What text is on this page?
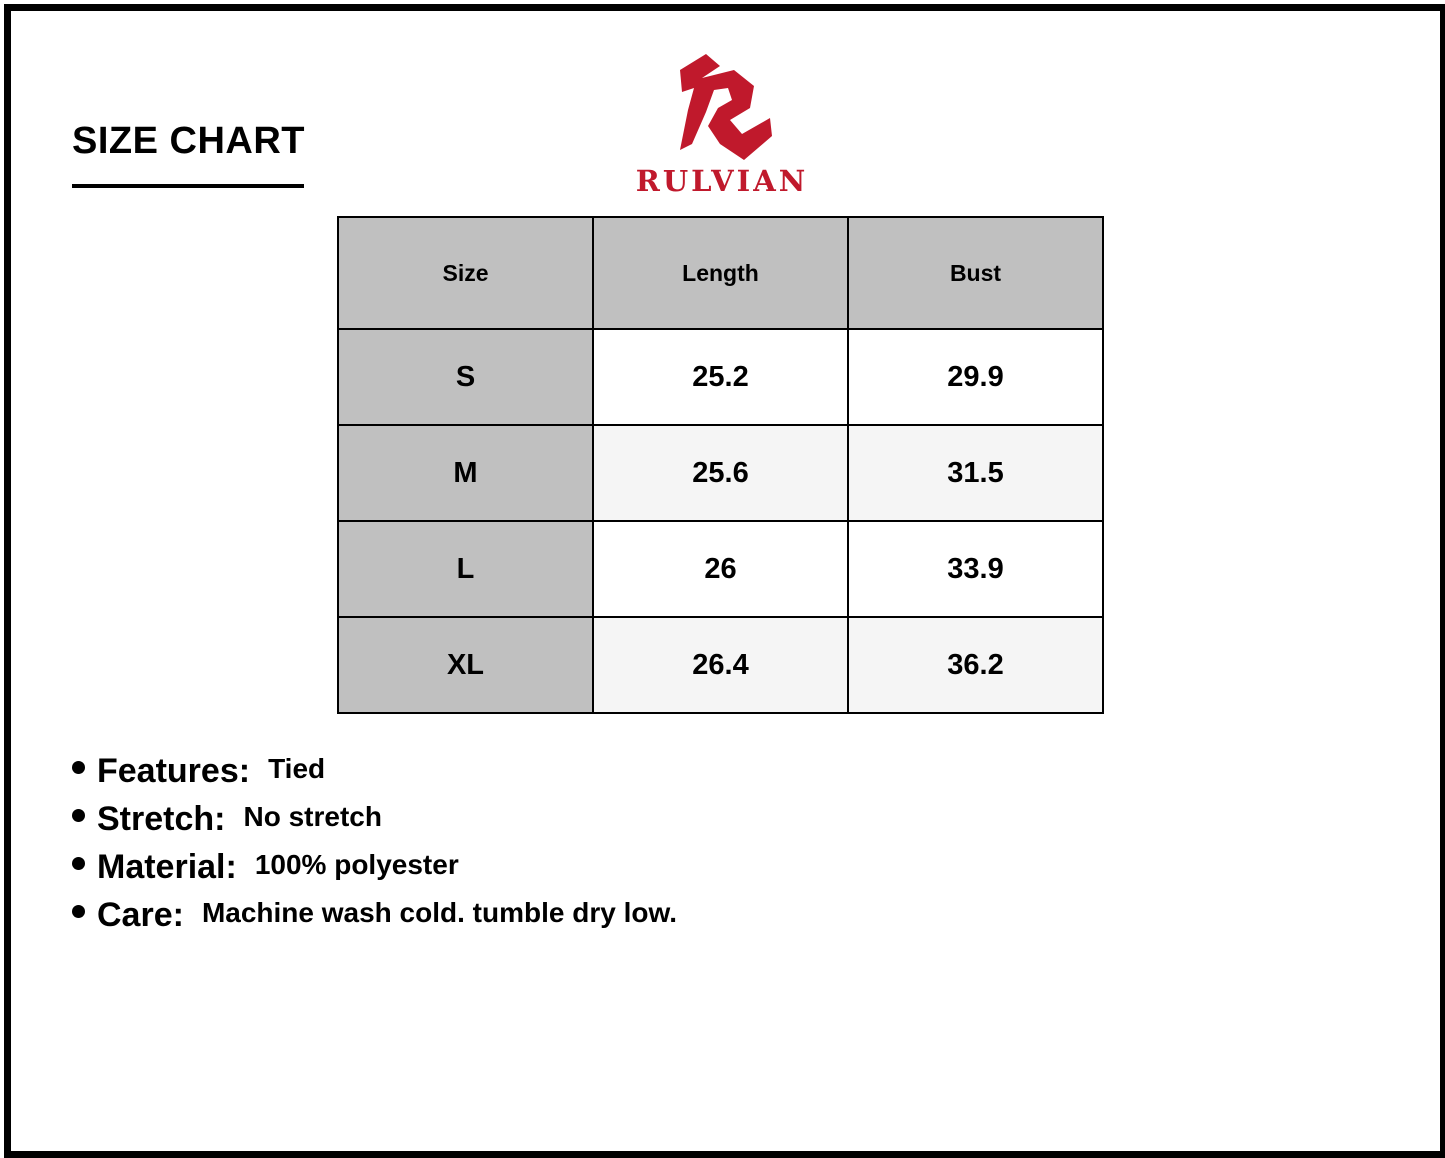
SIZE CHART
RULVIAN
Size	Length	Bust
S	25.2	29.9
M	25.6	31.5
L	26	33.9
XL	26.4	36.2
Features: Tied
Stretch: No stretch
Material: 100% polyester
Care: Machine wash cold. tumble dry low.
